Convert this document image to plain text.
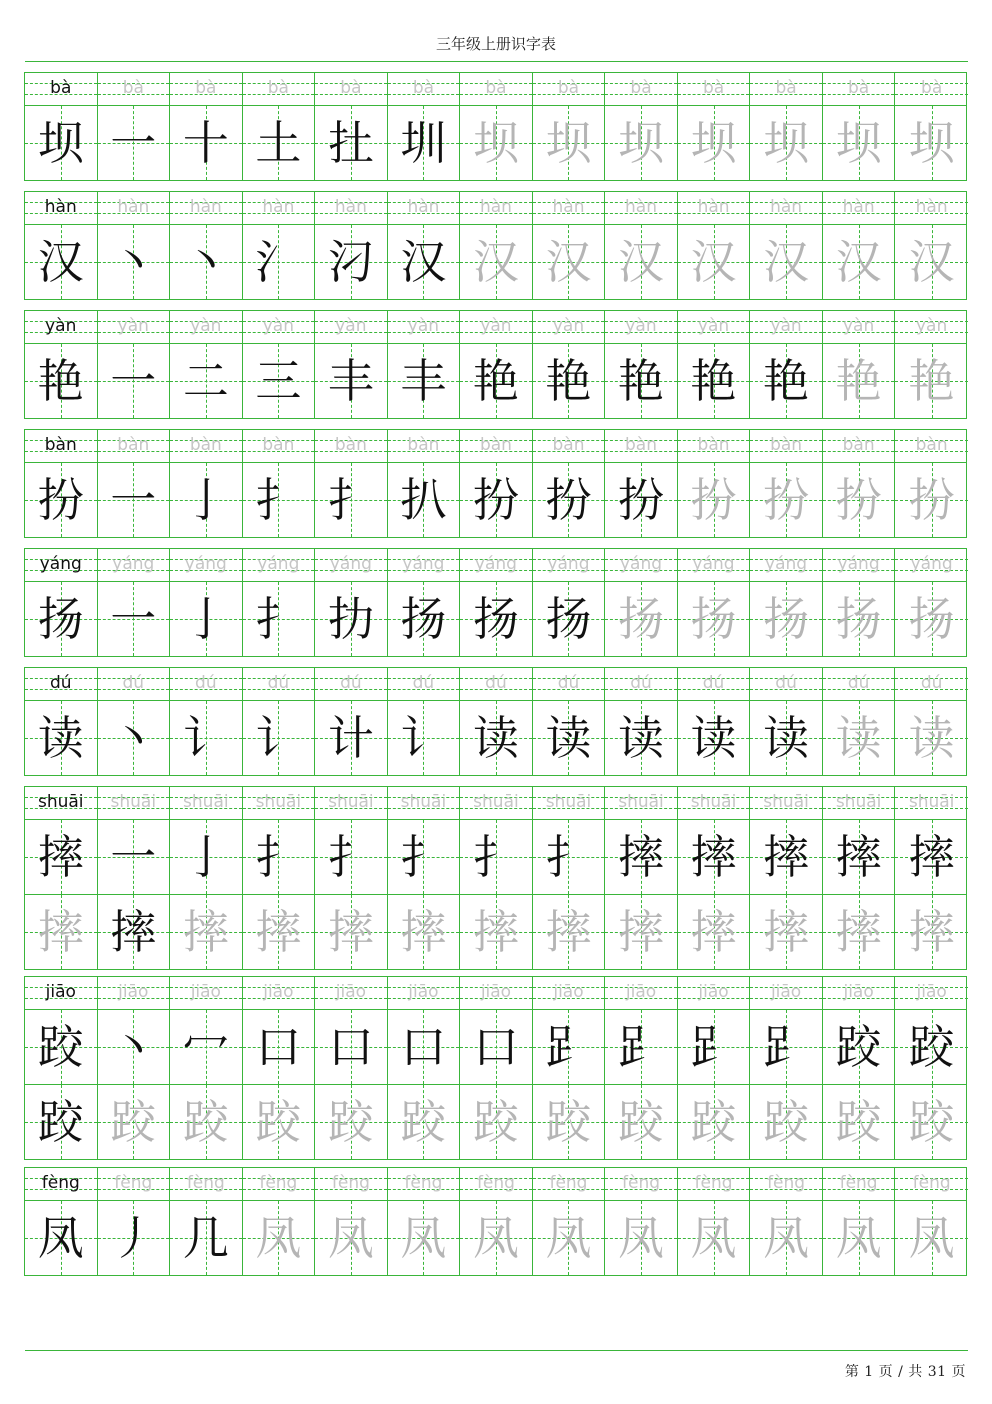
三年级上册识字表
bà	bà	bà	bà	bà	bà	bà	bà	bà	bà	bà	bà	bà
坝 一 十 土 扗 圳 坝 坝 坝 坝 坝 坝 坝
hàn	hàn	hàn	hàn	hàn	hàn	hàn	hàn	hàn	hàn	hàn	hàn	hàn
汉 丶 丶 氵 汈 汉 汉 汉 汉 汉 汉 汉 汉
yàn	yàn	yàn	yàn	yàn	yàn	yàn	yàn	yàn	yàn	yàn	yàn	yàn
艳 一 二 三 丰 丰 艳 艳 艳 艳 艳 艳 艳
bàn	bàn	bàn	bàn	bàn	bàn	bàn	bàn	bàn	bàn	bàn	bàn	bàn
扮 一 亅 扌 扌 扒 扮 扮 扮 扮 扮 扮 扮
yáng	yáng	yáng	yáng	yáng	yáng	yáng	yáng	yáng	yáng	yáng	yáng	yáng
扬 一 亅 扌 扐 扬 扬 扬 扬 扬 扬 扬 扬
dú	dú	dú	dú	dú	dú	dú	dú	dú	dú	dú	dú	dú
读 丶 讠 讠 计 讠 读 读 读 读 读 读 读
shuāi	shuāi	shuāi	shuāi	shuāi	shuāi	shuāi	shuāi	shuāi	shuāi	shuāi	shuāi	shuāi
摔 一 亅 扌 扌 扌 扌 扌 摔 摔 摔 摔 摔
摔 摔 摔 摔 摔 摔 摔 摔 摔 摔 摔 摔 摔
jiāo	jiāo	jiāo	jiāo	jiāo	jiāo	jiāo	jiāo	jiāo	jiāo	jiāo	jiāo	jiāo
跤 丶 冖 口 口 口 口 𧾷 𧾷 𧾷 𧾷 跤 跤
跤 跤 跤 跤 跤 跤 跤 跤 跤 跤 跤 跤 跤
fèng	fèng	fèng	fèng	fèng	fèng	fèng	fèng	fèng	fèng	fèng	fèng	fèng
凤 丿 几 凤 凤 凤 凤 凤 凤 凤 凤 凤 凤
第 1 页 / 共 31 页
